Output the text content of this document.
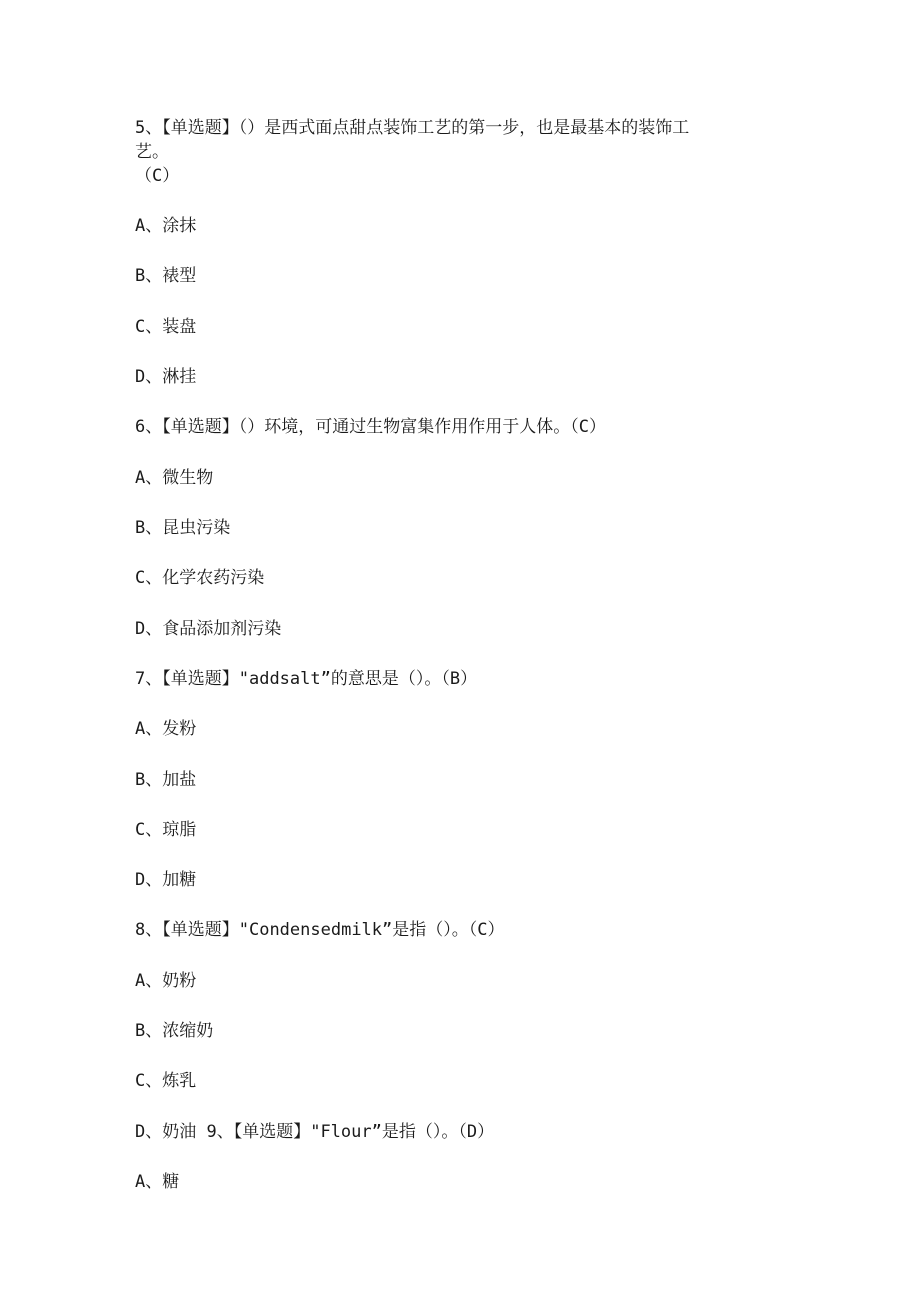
5、【单选题】（）是西式面点甜点装饰工艺的第一步，也是最基本的装饰工
艺。
（C）
A、涂抹
B、裱型
C、装盘
D、淋挂
6、【单选题】（）环境，可通过生物富集作用作用于人体。（C）
A、微生物
B、昆虫污染
C、化学农药污染
D、食品添加剂污染
7、【单选题】"addsalt”的意思是（）。（B）
A、发粉
B、加盐
C、琼脂
D、加糖
8、【单选题】"Condensedmilk”是指（）。（C）
A、奶粉
B、浓缩奶
C、炼乳
D、奶油 9、【单选题】"Flour”是指（）。（D）
A、糖
